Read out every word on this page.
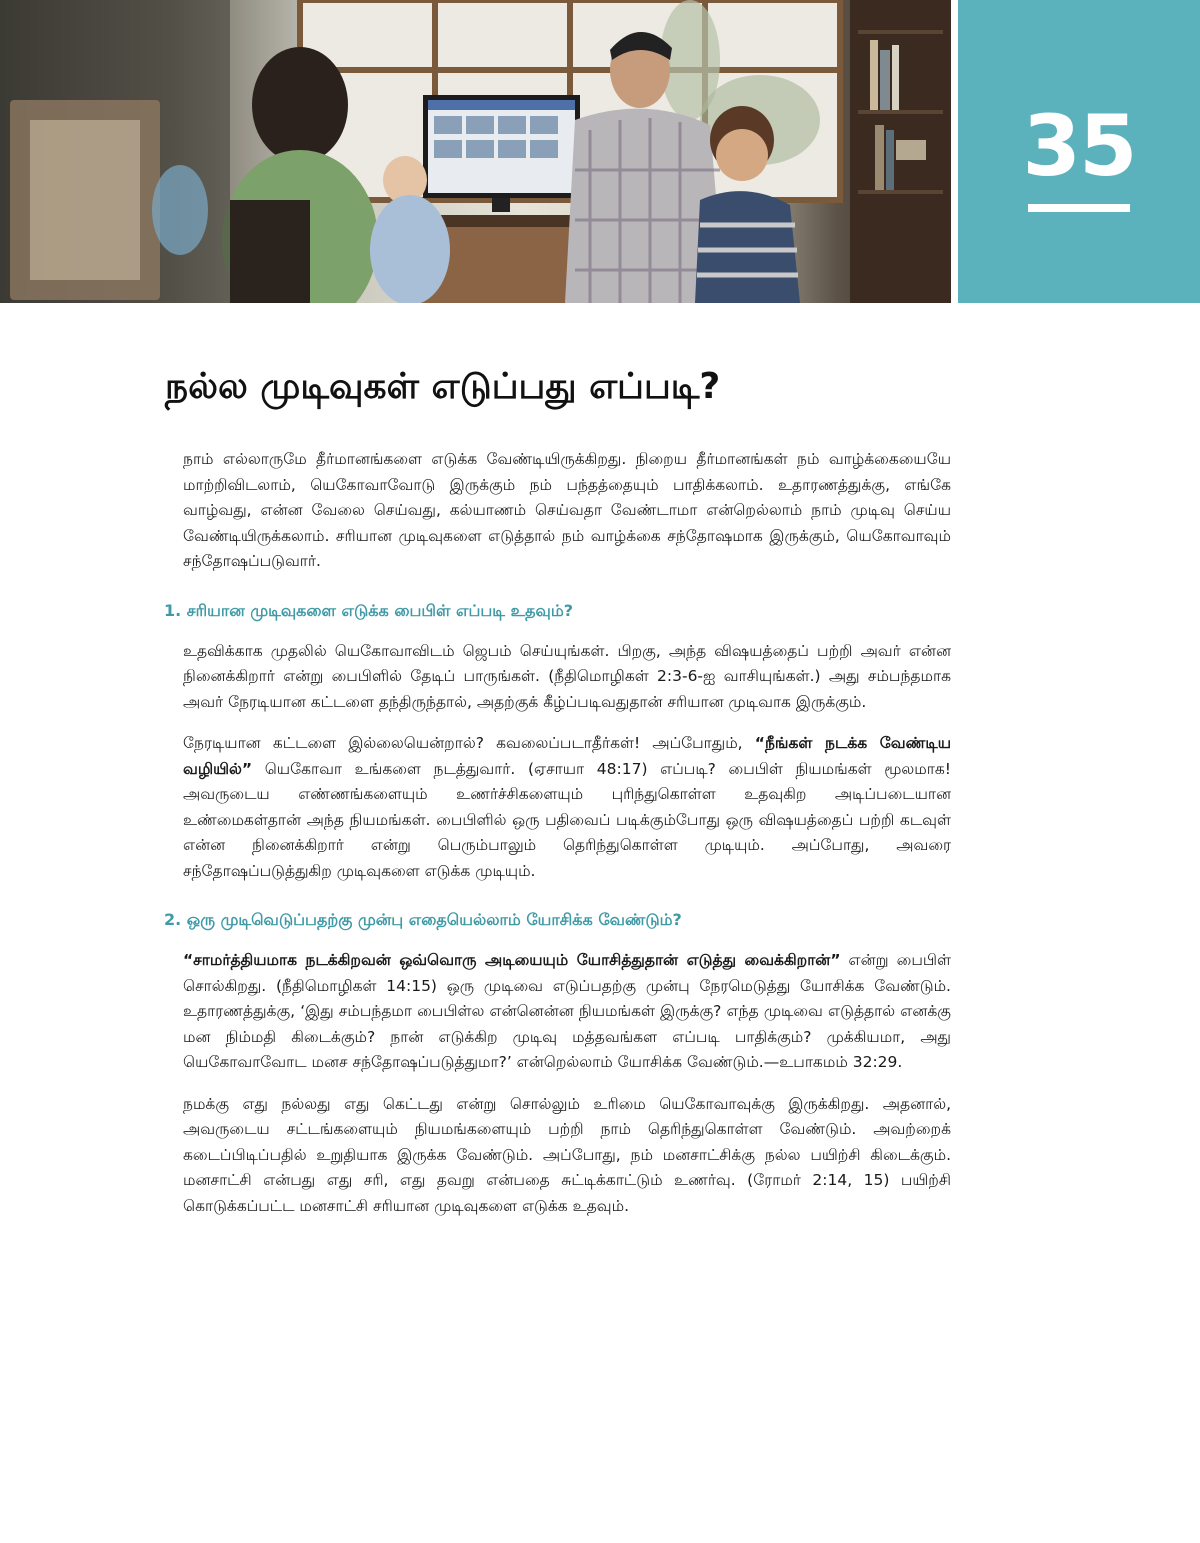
35
நல்ல முடிவுகள் எடுப்பது எப்படி?

நாம் எல்லாருமே தீர்மானங்களை எடுக்க வேண்டியிருக்கிறது. நிறைய தீர்மானங்கள் நம் வாழ்க்கையையே மாற்றிவிடலாம், யெகோவாவோடு இருக்கும் நம் பந்தத்தையும் பாதிக்கலாம். உதாரணத்துக்கு, எங்கே வாழ்வது, என்ன வேலை செய்வது, கல்யாணம் செய்வதா வேண்டாமா என்றெல்லாம் நாம் முடிவு செய்ய வேண்டியிருக்கலாம். சரியான முடிவுகளை எடுத்தால் நம் வாழ்க்கை சந்தோஷமாக இருக்கும், யெகோவாவும் சந்தோஷப்படுவார்.

1. சரியான முடிவுகளை எடுக்க பைபிள் எப்படி உதவும்?

உதவிக்காக முதலில் யெகோவாவிடம் ஜெபம் செய்யுங்கள். பிறகு, அந்த விஷயத்தைப் பற்றி அவர் என்ன நினைக்கிறார் என்று பைபிளில் தேடிப் பாருங்கள். (நீதிமொழிகள் 2:3-6-ஐ வாசியுங்கள்.) அது சம்பந்தமாக அவர் நேரடியான கட்டளை தந்திருந்தால், அதற்குக் கீழ்ப்படிவதுதான் சரியான முடிவாக இருக்கும்.

நேரடியான கட்டளை இல்லையென்றால்? கவலைப்படாதீர்கள்! அப்போதும், “நீங்கள் நடக்க வேண்டிய வழியில்” யெகோவா உங்களை நடத்துவார். (ஏசாயா 48:17) எப்படி? பைபிள் நியமங்கள் மூலமாக! அவருடைய எண்ணங்களையும் உணர்ச்சிகளையும் புரிந்துகொள்ள உதவுகிற அடிப்படையான உண்மைகள்தான் அந்த நியமங்கள். பைபிளில் ஒரு பதிவைப் படிக்கும்போது ஒரு விஷயத்தைப் பற்றி கடவுள் என்ன நினைக்கிறார் என்று பெரும்பாலும் தெரிந்துகொள்ள முடியும். அப்போது, அவரை சந்தோஷப்படுத்துகிற முடிவுகளை எடுக்க முடியும்.

2. ஒரு முடிவெடுப்பதற்கு முன்பு எதையெல்லாம் யோசிக்க வேண்டும்?

“சாமர்த்தியமாக நடக்கிறவன் ஒவ்வொரு அடியையும் யோசித்துதான் எடுத்து வைக்கிறான்” என்று பைபிள் சொல்கிறது. (நீதிமொழிகள் 14:15) ஒரு முடிவை எடுப்பதற்கு முன்பு நேரமெடுத்து யோசிக்க வேண்டும். உதாரணத்துக்கு, ‘இது சம்பந்தமா பைபிள்ல என்னென்ன நியமங்கள் இருக்கு? எந்த முடிவை எடுத்தால் எனக்கு மன நிம்மதி கிடைக்கும்? நான் எடுக்கிற முடிவு மத்தவங்கள எப்படி பாதிக்கும்? முக்கியமா, அது யெகோவாவோட மனச சந்தோஷப்படுத்துமா?’ என்றெல்லாம் யோசிக்க வேண்டும்.—உபாகமம் 32:29.

நமக்கு எது நல்லது எது கெட்டது என்று சொல்லும் உரிமை யெகோவாவுக்கு இருக்கிறது. அதனால், அவருடைய சட்டங்களையும் நியமங்களையும் பற்றி நாம் தெரிந்துகொள்ள வேண்டும். அவற்றைக் கடைப்பிடிப்பதில் உறுதியாக இருக்க வேண்டும். அப்போது, நம் மனசாட்சிக்கு நல்ல பயிற்சி கிடைக்கும். மனசாட்சி என்பது எது சரி, எது தவறு என்பதை சுட்டிக்காட்டும் உணர்வு. (ரோமர் 2:14, 15) பயிற்சி கொடுக்கப்பட்ட மனசாட்சி சரியான முடிவுகளை எடுக்க உதவும்.
